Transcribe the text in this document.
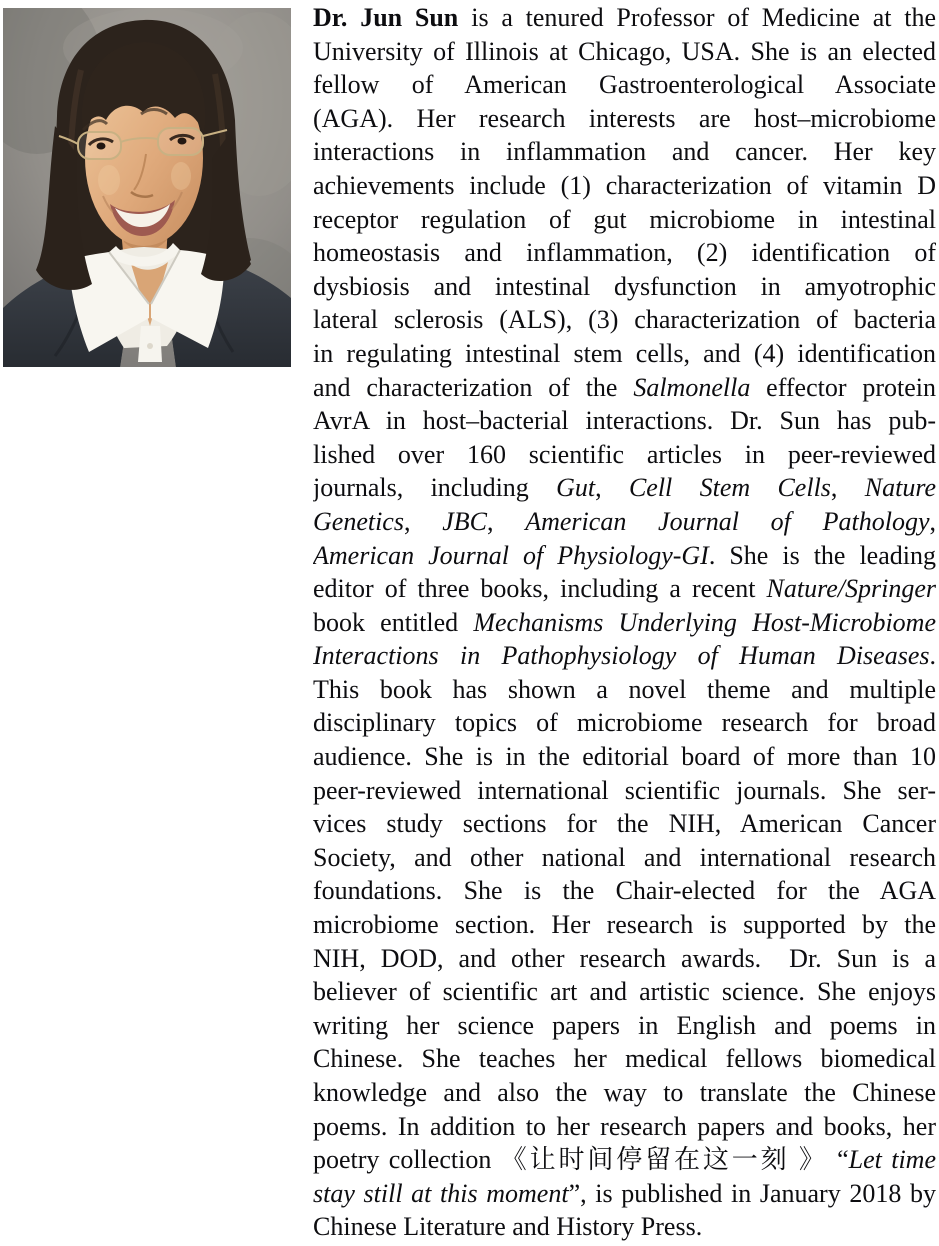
Dr. Jun Sun is a tenured Professor of Medicine at the
University of Illinois at Chicago, USA. She is an elected
fellow of American Gastroenterological Associate
(AGA). Her research interests are host–microbiome
interactions in inflammation and cancer. Her key
achievements include (1) characterization of vitamin D
receptor regulation of gut microbiome in intestinal
homeostasis and inflammation, (2) identification of
dysbiosis and intestinal dysfunction in amyotrophic
lateral sclerosis (ALS), (3) characterization of bacteria
in regulating intestinal stem cells, and (4) identification
and characterization of the Salmonella effector protein
AvrA in host–bacterial interactions. Dr. Sun has pub-
lished over 160 scientific articles in peer-reviewed
journals, including Gut, Cell Stem Cells, Nature
Genetics, JBC, American Journal of Pathology,
American Journal of Physiology-GI. She is the leading
editor of three books, including a recent Nature/Springer
book entitled Mechanisms Underlying Host-Microbiome
Interactions in Pathophysiology of Human Diseases.
This book has shown a novel theme and multiple
disciplinary topics of microbiome research for broad
audience. She is in the editorial board of more than 10
peer-reviewed international scientific journals. She ser-
vices study sections for the NIH, American Cancer
Society, and other national and international research
foundations. She is the Chair-elected for the AGA
microbiome section. Her research is supported by the
NIH, DOD, and other research awards.  Dr. Sun is a
believer of scientific art and artistic science. She enjoys
writing her science papers in English and poems in
Chinese. She teaches her medical fellows biomedical
knowledge and also the way to translate the Chinese
poems. In addition to her research papers and books, her
poetry collection 《让时间停留在这一刻 》 “Let time
stay still at this moment”, is published in January 2018 by
Chinese Literature and History Press.
